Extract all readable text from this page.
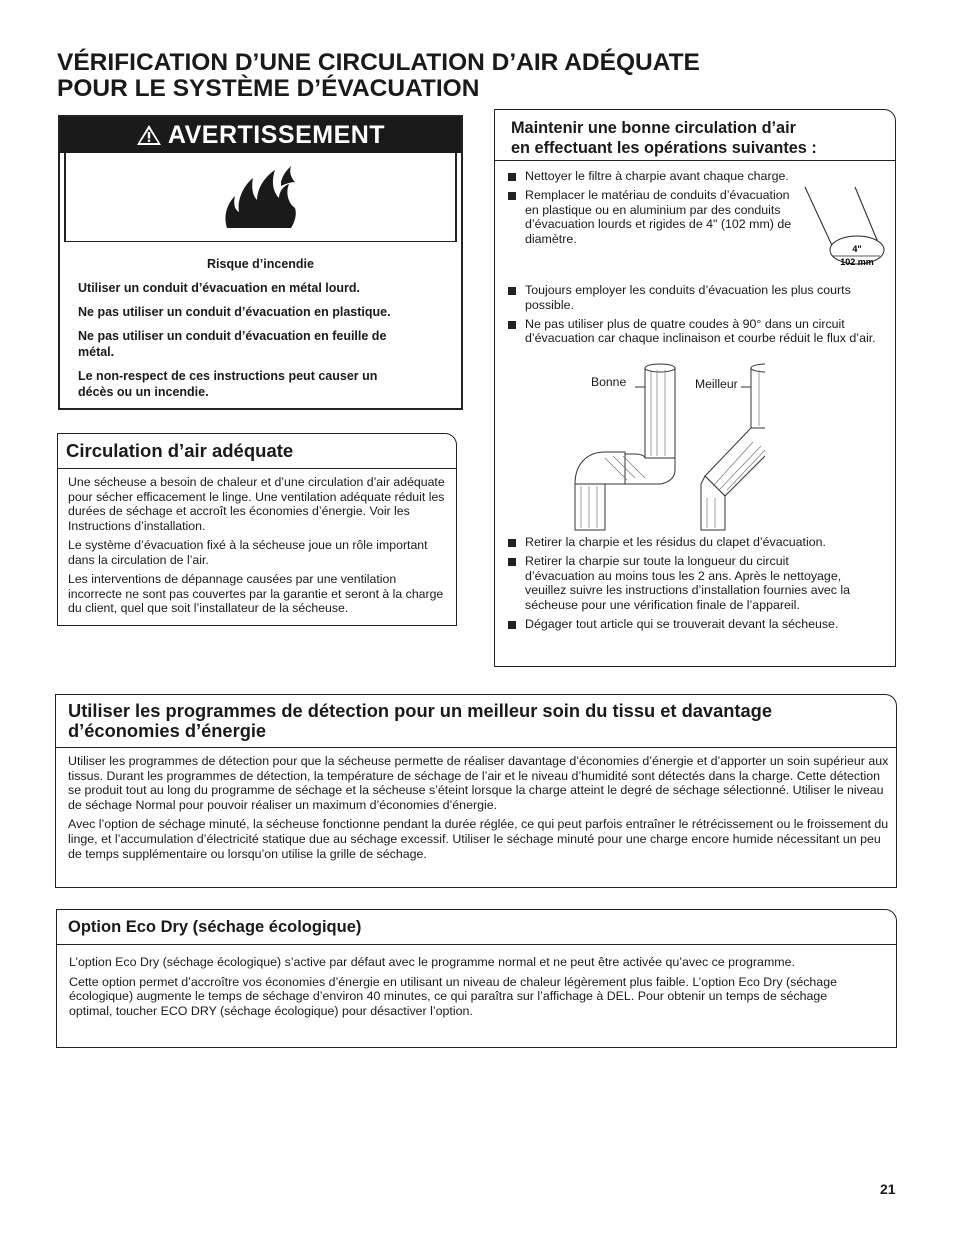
VÉRIFICATION D’UNE CIRCULATION D’AIR ADÉQUATE
POUR LE SYSTÈME D’ÉVACUATION
AVERTISSEMENT

Risque d’incendie

Utiliser un conduit d’évacuation en métal lourd.

Ne pas utiliser un conduit d’évacuation en plastique.

Ne pas utiliser un conduit d’évacuation en feuille de métal.

Le non-respect de ces instructions peut causer un décès ou un incendie.

Circulation d’air adéquate

Une sécheuse a besoin de chaleur et d’une circulation d’air adéquate pour sécher efficacement le linge. Une ventilation adéquate réduit les durées de séchage et accroît les économies d’énergie. Voir les Instructions d’installation.

Le système d’évacuation fixé à la sécheuse joue un rôle important dans la circulation de l’air.

Les interventions de dépannage causées par une ventilation incorrecte ne sont pas couvertes par la garantie et seront à la charge du client, quel que soit l’installateur de la sécheuse.

Maintenir une bonne circulation d’air
en effectuant les opérations suivantes :
Nettoyer le filtre à charpie avant chaque charge.
Remplacer le matériau de conduits d’évacuation en plastique ou en aluminium par des conduits d’évacuation lourds et rigides de 4" (102 mm) de diamètre.
4"
102 mm
Toujours employer les conduits d’évacuation les plus courts possible.
Ne pas utiliser plus de quatre coudes à 90° dans un circuit d’évacuation car chaque inclinaison et courbe réduit le flux d’air.
Bonne	Meilleur
Retirer la charpie et les résidus du clapet d’évacuation.
Retirer la charpie sur toute la longueur du circuit d’évacuation au moins tous les 2 ans. Après le nettoyage, veuillez suivre les instructions d’installation fournies avec la sécheuse pour une vérification finale de l’appareil.
Dégager tout article qui se trouverait devant la sécheuse.
Utiliser les programmes de détection pour un meilleur soin du tissu et davantage
d’économies d’énergie

Utiliser les programmes de détection pour que la sécheuse permette de réaliser davantage d’économies d’énergie et d’apporter un soin supérieur aux tissus. Durant les programmes de détection, la température de séchage de l’air et le niveau d’humidité sont détectés dans la charge. Cette détection se produit tout au long du programme de séchage et la sécheuse s’éteint lorsque la charge atteint le degré de séchage sélectionné. Utiliser le niveau de séchage Normal pour pouvoir réaliser un maximum d’économies d’énergie.

Avec l’option de séchage minuté, la sécheuse fonctionne pendant la durée réglée, ce qui peut parfois entraîner le rétrécissement ou le froissement du linge, et l’accumulation d’électricité statique due au séchage excessif. Utiliser le séchage minuté pour une charge encore humide nécessitant un peu de temps supplémentaire ou lorsqu’on utilise la grille de séchage.

Option Eco Dry (séchage écologique)

L’option Eco Dry (séchage écologique) s’active par défaut avec le programme normal et ne peut être activée qu’avec ce programme.

Cette option permet d’accroître vos économies d’énergie en utilisant un niveau de chaleur légèrement plus faible. L’option Eco Dry (séchage écologique) augmente le temps de séchage d’environ 40 minutes, ce qui paraîtra sur l’affichage à DEL. Pour obtenir un temps de séchage optimal, toucher ECO DRY (séchage écologique) pour désactiver l’option.

21
